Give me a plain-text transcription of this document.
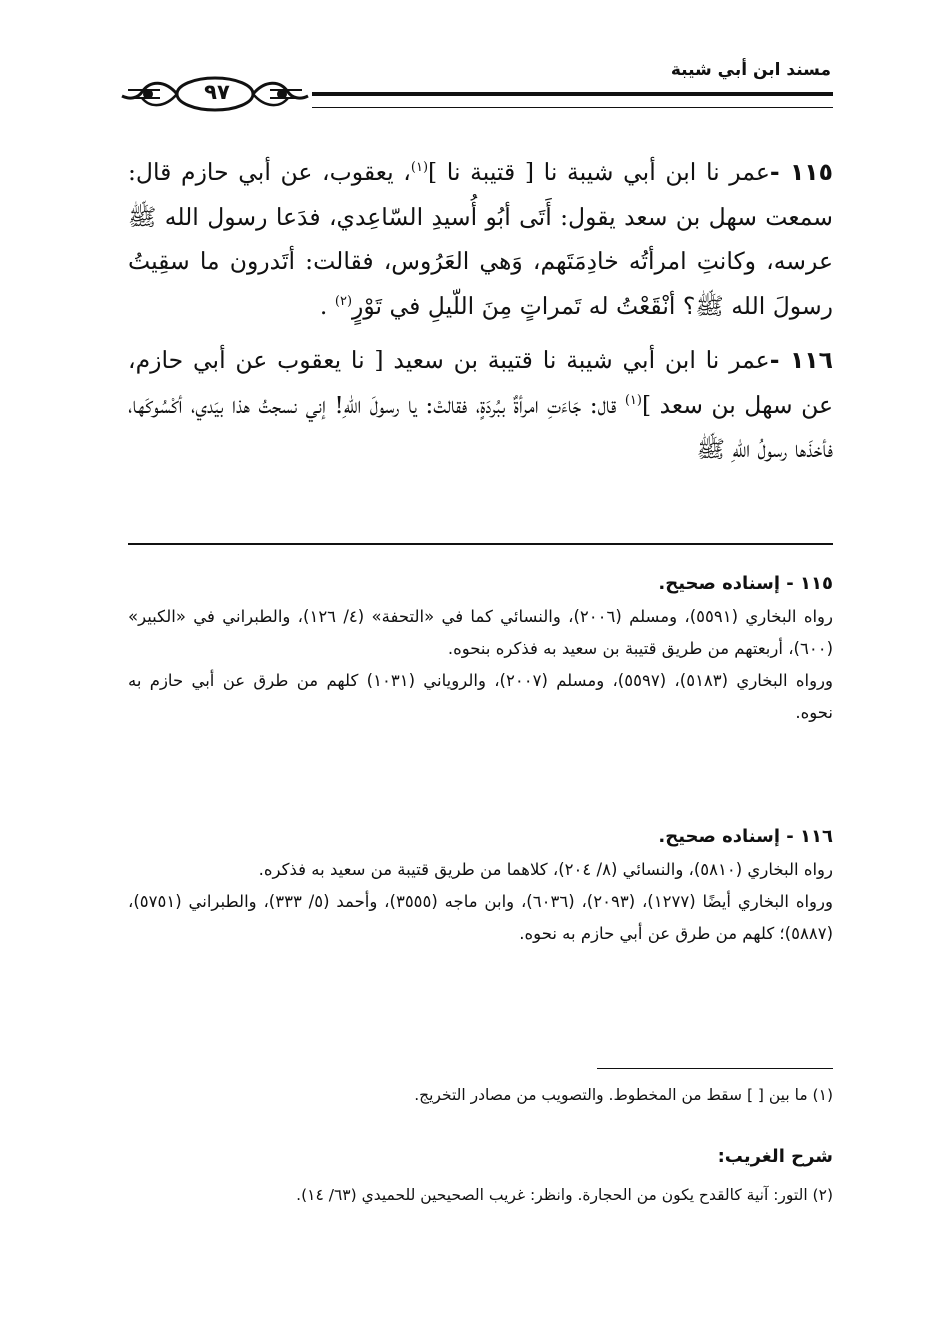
مسند ابن أبي شيبة
٩٧

١١٥ -عمر نا ابن أبي شيبة نا [ قتيبة نا ]$^{(١)}$، يعقوب، عن أبي حازم قال: سمعت سهل بن سعد يقول: أَتَى أبُو أُسيدِ السّاعِدي، فدَعا رسول الله ﷺ عرسه، وكانتِ امرأتُه خادِمَتَهم، وَهي العَرُوس، فقالت: أتَدرون ما سقِيتُ رسولَ الله ﷺ؟ أنْقَعْتُ له تَمراتٍ مِنَ اللّيلِ في تَوْرٍ$^{(٢)}$ .

١١٦ -عمر نا ابن أبي شيبة نا قتيبة بن سعيد [ نا يعقوب عن أبي حازم، عن سهل بن سعد ]$^{(١)}$ قال: جَاءَتِ امرأةٌ ببُردَةٍ، فقالتْ: يا رسولَ اللهِ! إني نسجتُ هذا بيَدي، أكْسُوكَها، فأخذَها رسولُ اللهِ ﷺ

١١٥ - إسناده صحيح.

رواه البخاري (٥٥٩١)، ومسلم (٢٠٠٦)، والنسائي كما في «التحفة» (٤/ ١٢٦)، والطبراني في «الكبير» (٦٠٠)، أربعتهم من طريق قتيبة بن سعيد به فذكره بنحوه.

ورواه البخاري (٥١٨٣)، (٥٥٩٧)، ومسلم (٢٠٠٧)، والروياني (١٠٣١) كلهم من طرق عن أبي حازم به نحوه.

١١٦ - إسناده صحيح.

رواه البخاري (٥٨١٠)، والنسائي (٨/ ٢٠٤)، كلاهما من طريق قتيبة من سعيد به فذكره.

ورواه البخاري أيضًا (١٢٧٧)، (٢٠٩٣)، (٦٠٣٦)، وابن ماجه (٣٥٥٥)، وأحمد (٥/ ٣٣٣)، والطبراني (٥٧٥١)، (٥٨٨٧)؛ كلهم من طرق عن أبي حازم به نحوه.

(١) ما بين [ ] سقط من المخطوط. والتصويب من مصادر التخريج.
شرح الغريب:
(٢) التور: آنية كالقدح يكون من الحجارة. وانظر: غريب الصحيحين للحميدي (٦٣/ ١٤).
